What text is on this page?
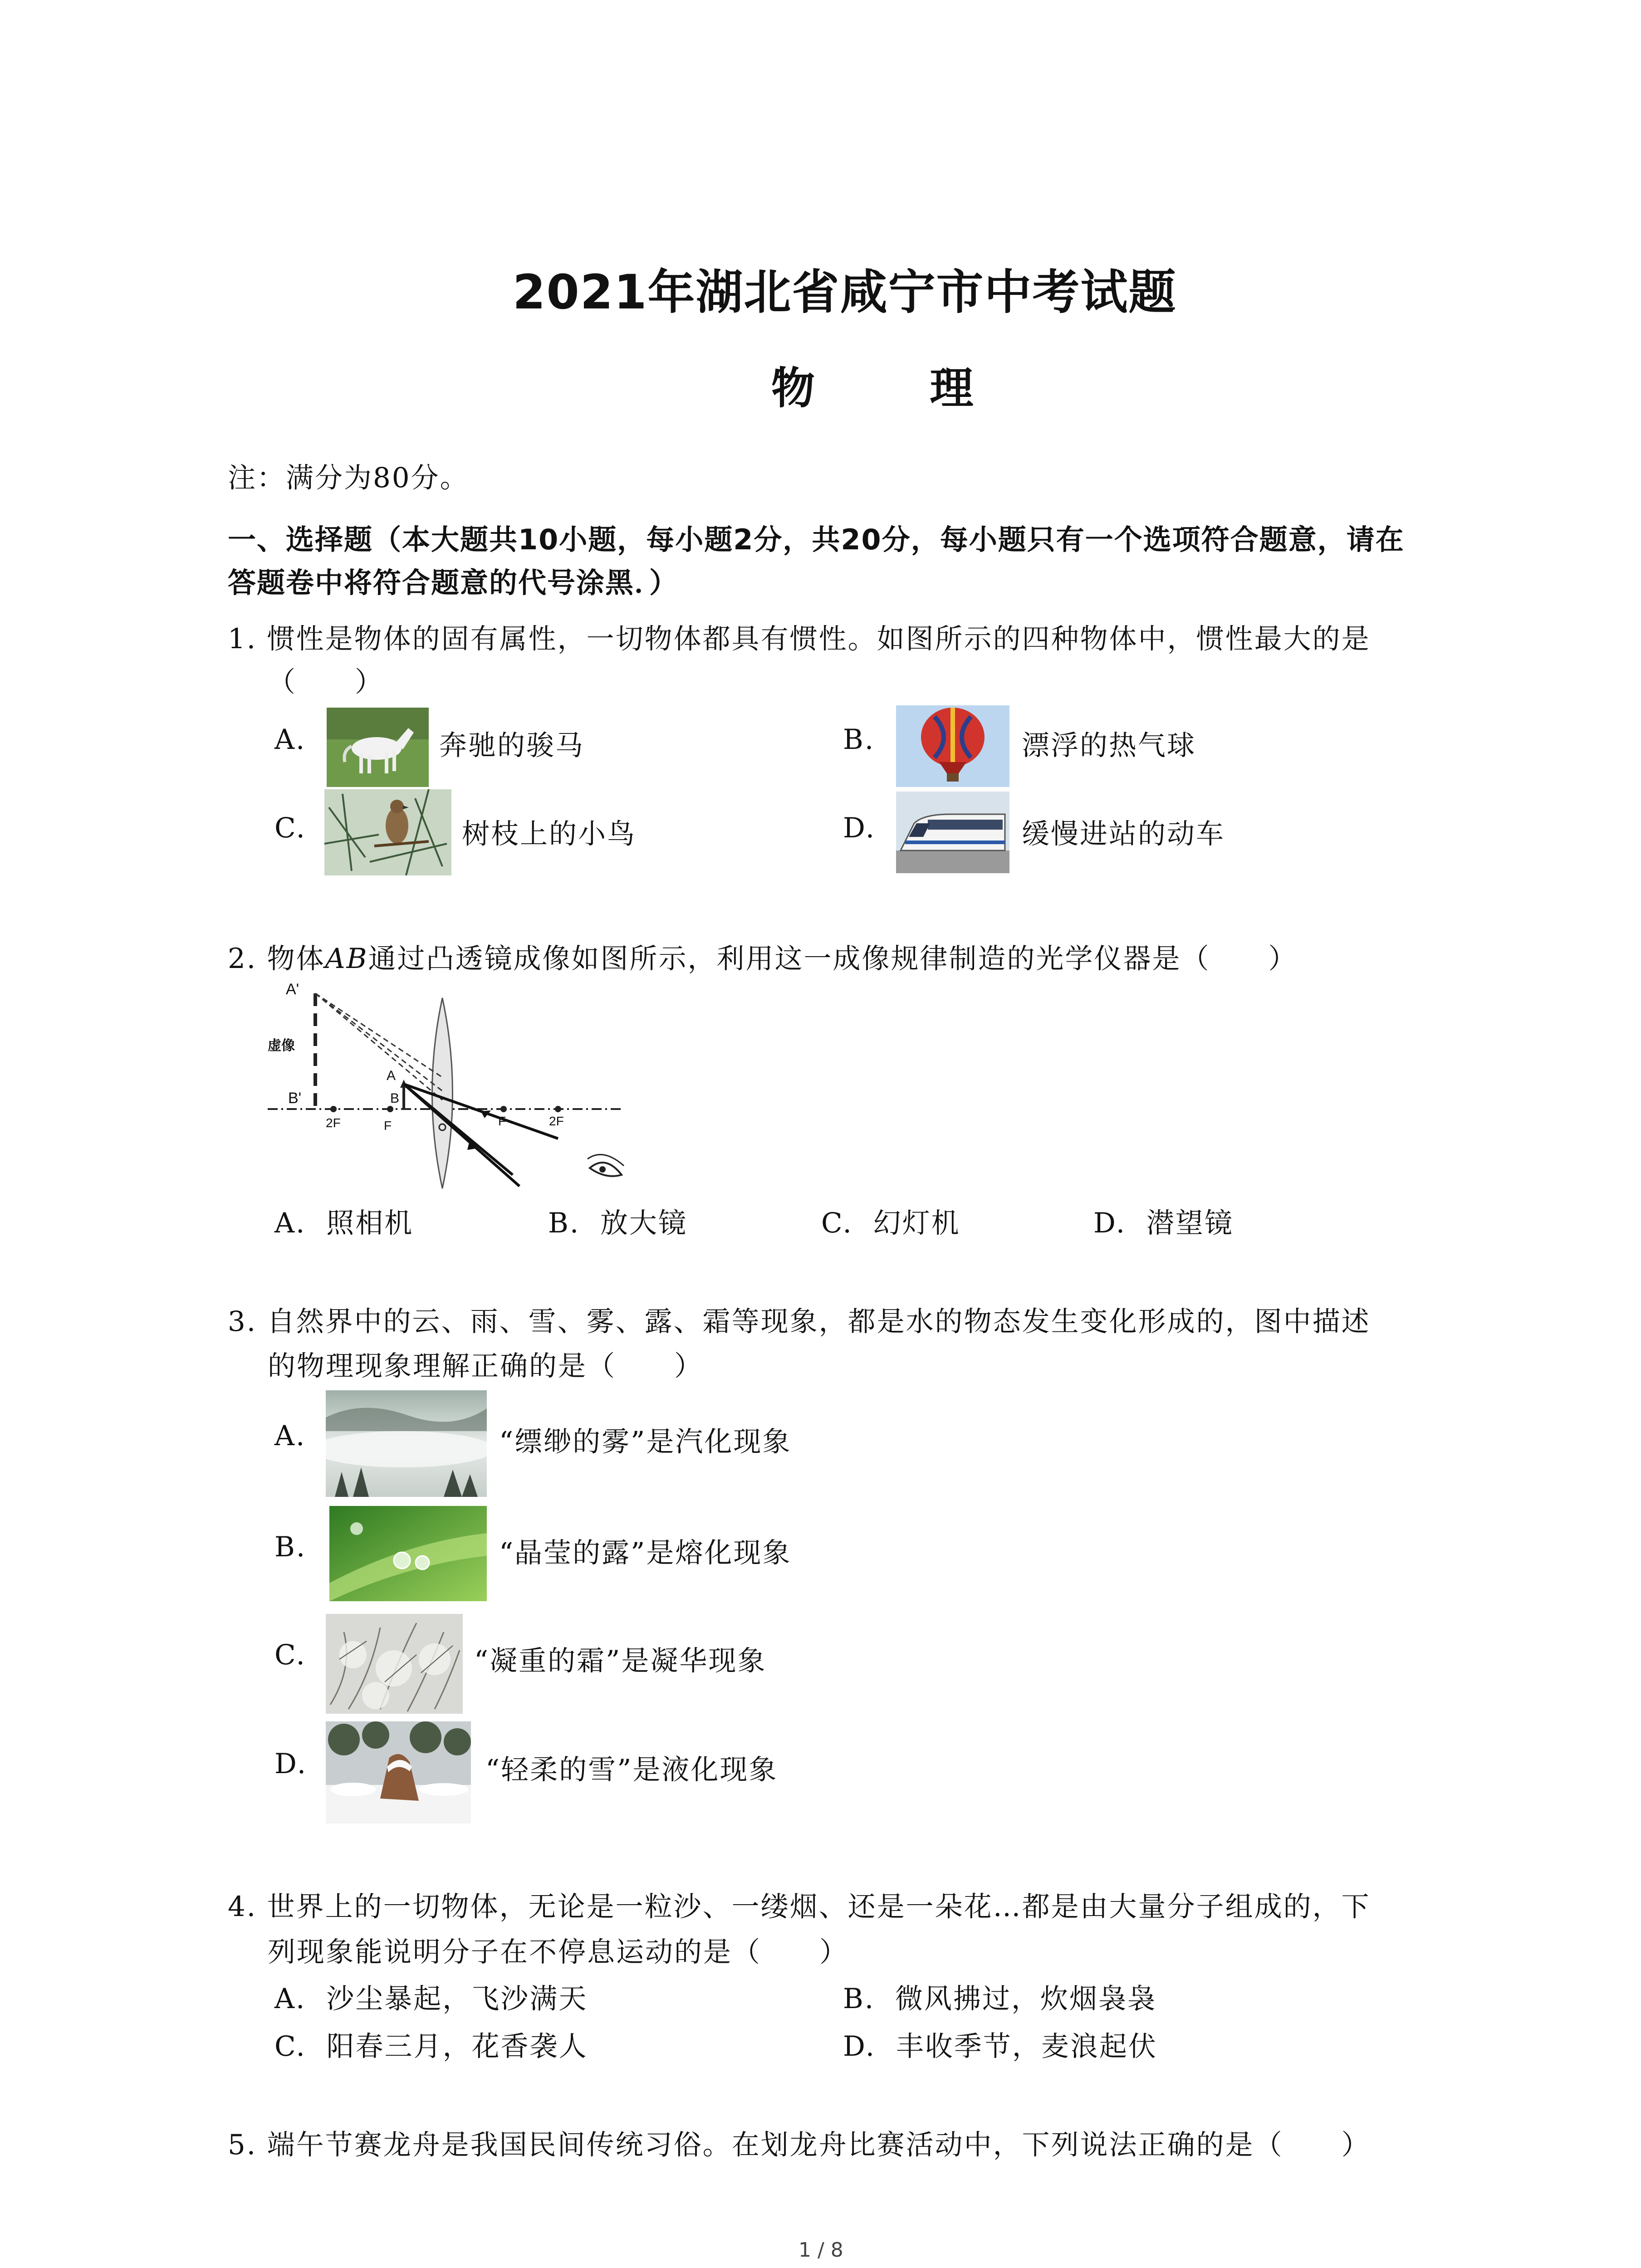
2021年湖北省咸宁市中考试题
物 理
注：满分为80分。
一、选择题（本大题共10小题，每小题2分，共20分，每小题只有一个选项符合题意，请在
答题卷中将符合题意的代号涂黑．）
1. 惯性是物体的固有属性，一切物体都具有惯性。如图所示的四种物体中，惯性最大的是
（　　）
A.	奔驰的骏马	B.	漂浮的热气球
C.	树枝上的小鸟	D.	缓慢进站的动车
2. 物体AB通过凸透镜成像如图所示，利用这一成像规律制造的光学仪器是（　　）
A'
虚像
B'
A
B
2F	F	F	2F
A. 照相机	B. 放大镜	C. 幻灯机	D. 潜望镜
3. 自然界中的云、雨、雪、雾、露、霜等现象，都是水的物态发生变化形成的，图中描述
的物理现象理解正确的是（　　）
A.	“缥缈的雾”是汽化现象
B.	“晶莹的露”是熔化现象
C.	“凝重的霜”是凝华现象
D.	“轻柔的雪”是液化现象
4. 世界上的一切物体，无论是一粒沙、一缕烟、还是一朵花…都是由大量分子组成的，下
列现象能说明分子在不停息运动的是（　　）
A. 沙尘暴起，飞沙满天	B. 微风拂过，炊烟袅袅
C. 阳春三月，花香袭人	D. 丰收季节，麦浪起伏
5. 端午节赛龙舟是我国民间传统习俗。在划龙舟比赛活动中，下列说法正确的是（　　）
1 / 8
